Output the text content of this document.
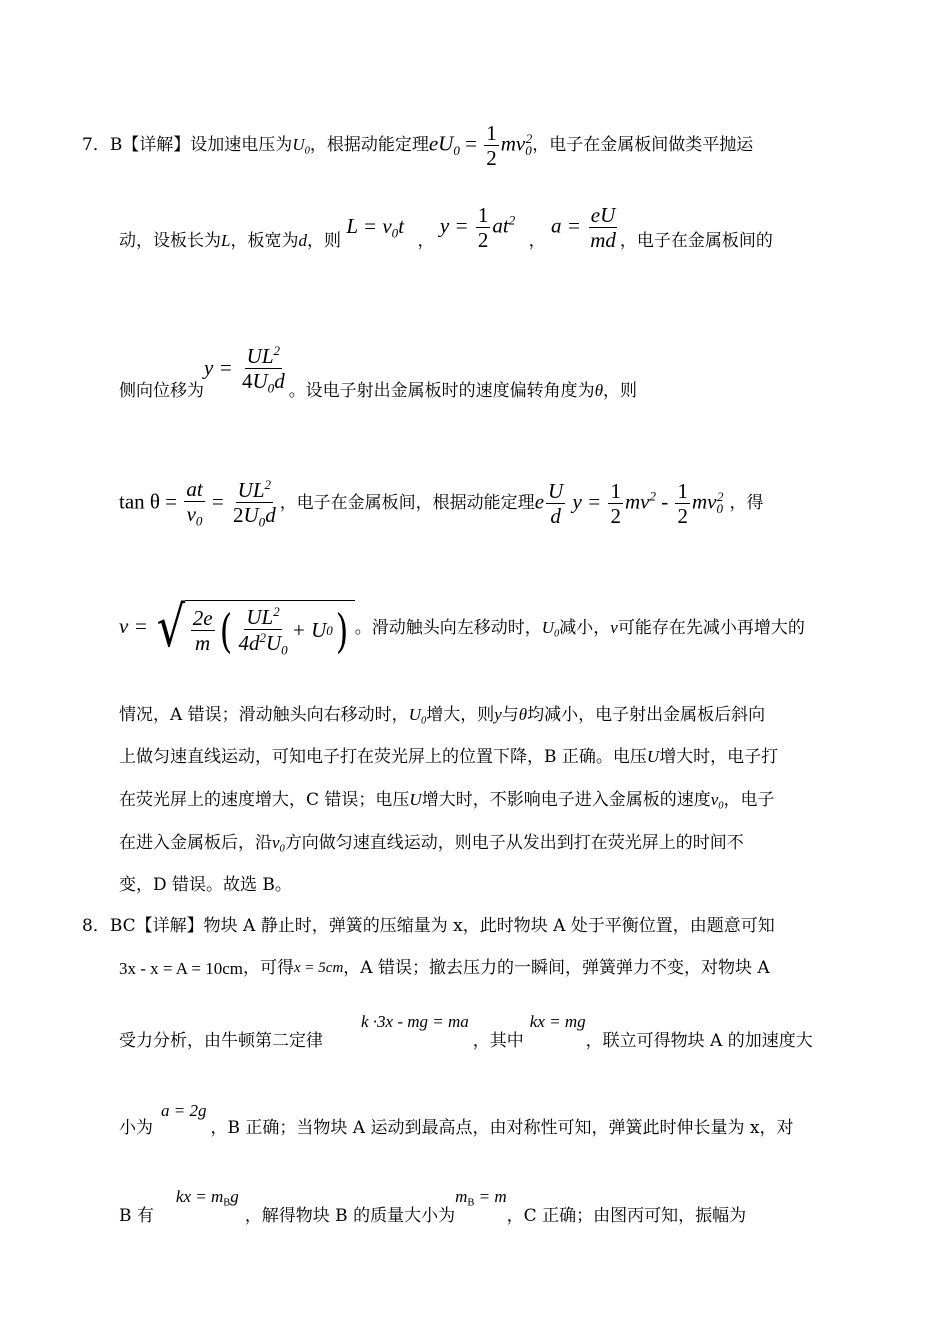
7．B【详解】设加速电压为$U_0$，根据动能定理$eU_0 = \frac{1}{2} mv_0^2$，电子在金属板间做类平抛运
动，设板长为L，板宽为d，则 $L = v_0t$ ， $y = \frac{1}{2} at^2$ ， $a = \frac{eU}{md}$ ，电子在金属板间的
侧向位移为$y = \frac{UL^2}{4U_0d}$ 。设电子射出金属板时的速度偏转角度为θ，则
$\tan \theta = \frac{at}{v_0} = \frac{UL^2}{2U_0d}$ ，电子在金属板间，根据动能定理e $\frac{U}{d}$ $y = \frac{1}{2} mv^2 - \frac{1}{2} mv_0^2$ ，得
v = √ $\frac{2e}{m}$ ( $\frac{UL^2}{4d^2U_0} + U$ 0 ) 。滑动触头向左移动时，$U_0$减小，v可能存在先减小再增大的
情况，A 错误；滑动触头向右移动时，$U_0$增大，则y与θ均减小，电子射出金属板后斜向
上做匀速直线运动，可知电子打在荧光屏上的位置下降，B 正确。电压U增大时，电子打
在荧光屏上的速度增大，C 错误；电压U增大时，不影响电子进入金属板的速度$v_0$，电子
在进入金属板后，沿$v_0$方向做匀速直线运动，则电子从发出到打在荧光屏上的时间不
变，D 错误。故选 B。
8．BC【详解】物块 A 静止时，弹簧的压缩量为 x，此时物块 A 处于平衡位置，由题意可知
3x - x = A = 10cm，可得x = 5cm，A 错误；撤去压力的一瞬间，弹簧弹力不变，对物块 A
受力分析，由牛顿第二定律k ·3x - mg = ma，其中kx = mg，联立可得物块 A 的加速度大
小为a = 2g，B 正确；当物块 A 运动到最高点，由对称性可知，弹簧此时伸长量为 x，对
B 有kx = $m_Bg$，解得物块 B 的质量大小为$m_B = m$，C 正确；由图丙可知，振幅为
